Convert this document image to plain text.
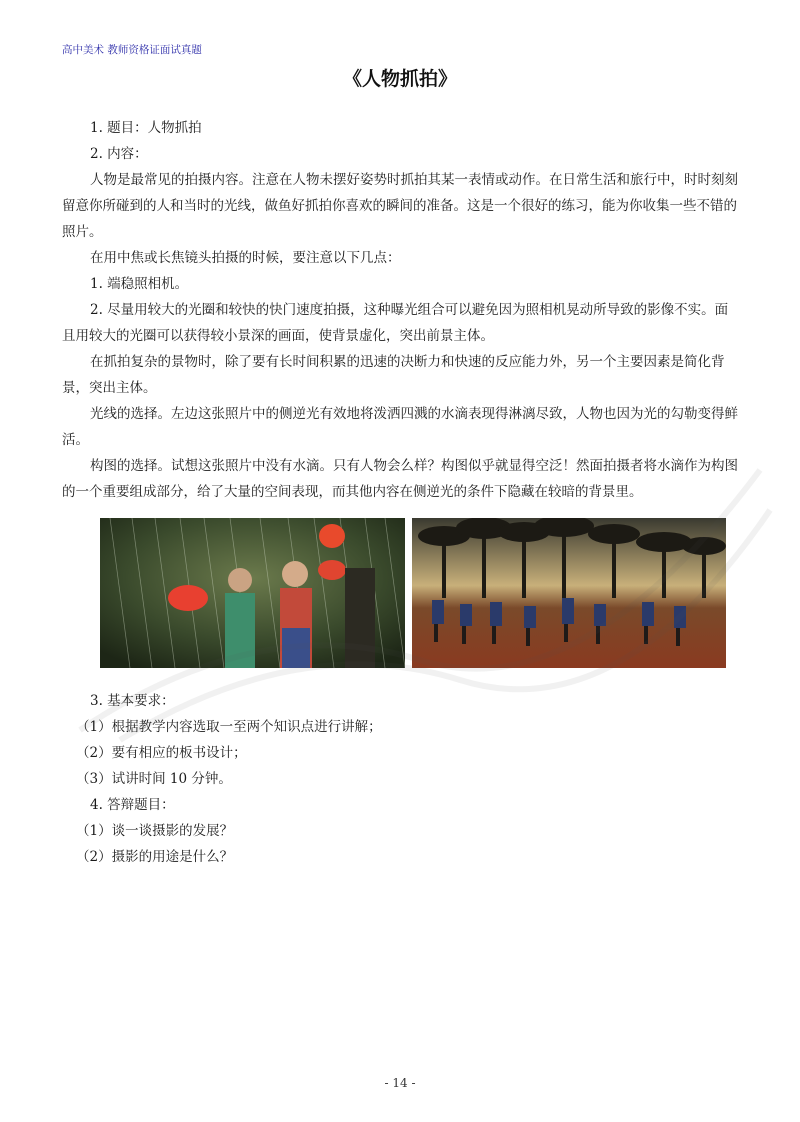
高中美术 教师资格证面试真题
《人物抓拍》

1. 题目：人物抓拍

2. 内容：

人物是最常见的拍摄内容。注意在人物未摆好姿势时抓拍其某一表情或动作。在日常生活和旅行中，时时刻刻留意你所碰到的人和当时的光线，做鱼好抓拍你喜欢的瞬间的准备。这是一个很好的练习，能为你收集一些不错的照片。

在用中焦或长焦镜头拍摄的时候，要注意以下几点：

1. 端稳照相机。

2. 尽量用较大的光圈和较快的快门速度拍摄，这种曝光组合可以避免因为照相机晃动所导致的影像不实。面且用较大的光圈可以获得较小景深的画面，使背景虚化，突出前景主体。

在抓拍复杂的景物时，除了要有长时间积累的迅速的决断力和快速的反应能力外，另一个主要因素是简化背景，突出主体。

光线的选择。左边这张照片中的侧逆光有效地将泼洒四溅的水滴表现得淋漓尽致，人物也因为光的勾勒变得鲜活。

构图的选择。试想这张照片中没有水滴。只有人物会么样？构图似乎就显得空泛！然面拍摄者将水滴作为构图的一个重要组成部分，给了大量的空间表现，而其他内容在侧逆光的条件下隐藏在较暗的背景里。

3. 基本要求：

（1）根据教学内容选取一至两个知识点进行讲解；

（2）要有相应的板书设计；

（3）试讲时间 10 分钟。

4. 答辩题目：

（1）谈一谈摄影的发展？

（2）摄影的用途是什么？

- 14 -
